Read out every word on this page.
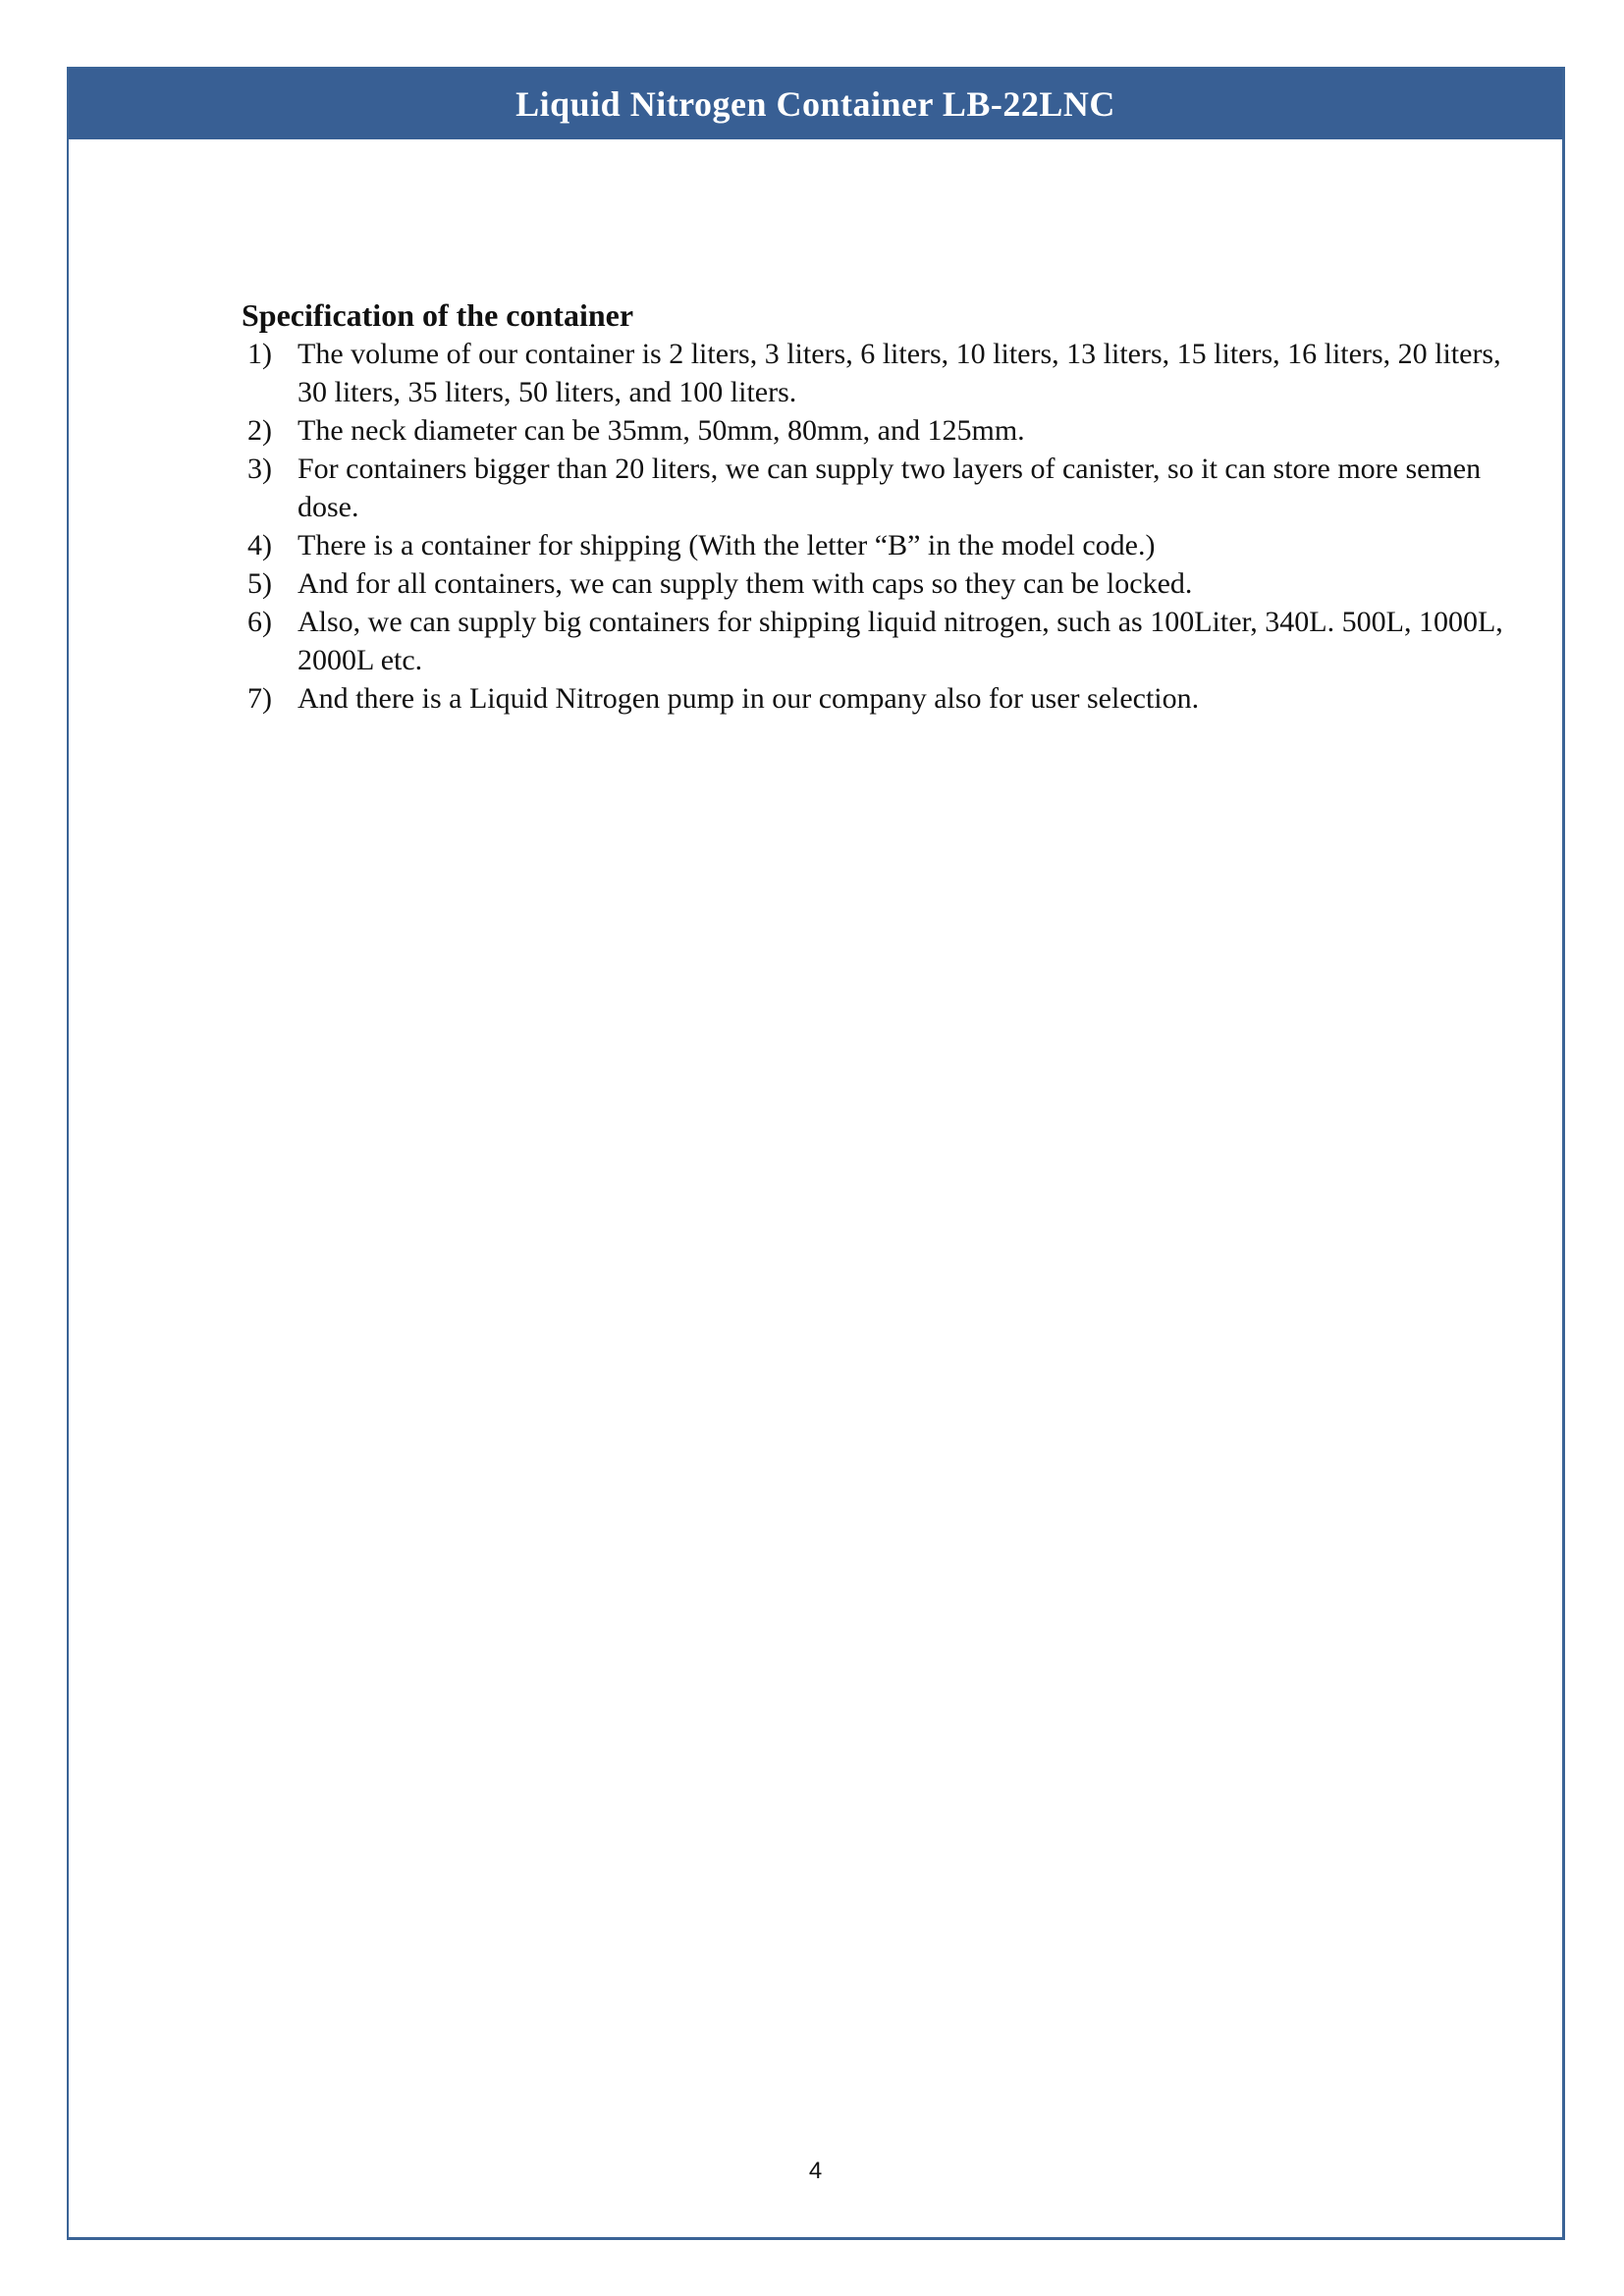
Liquid Nitrogen Container LB-22LNC
Specification of the container
1) The volume of our container is 2 liters, 3 liters, 6 liters, 10 liters, 13 liters, 15 liters, 16 liters, 20 liters, 30 liters, 35 liters, 50 liters, and 100 liters.
2) The neck diameter can be 35mm, 50mm, 80mm, and 125mm.
3) For containers bigger than 20 liters, we can supply two layers of canister, so it can store more semen dose.
4) There is a container for shipping (With the letter “B” in the model code.)
5) And for all containers, we can supply them with caps so they can be locked.
6) Also, we can supply big containers for shipping liquid nitrogen, such as 100Liter, 340L. 500L, 1000L, 2000L etc.
7) And there is a Liquid Nitrogen pump in our company also for user selection.
4
